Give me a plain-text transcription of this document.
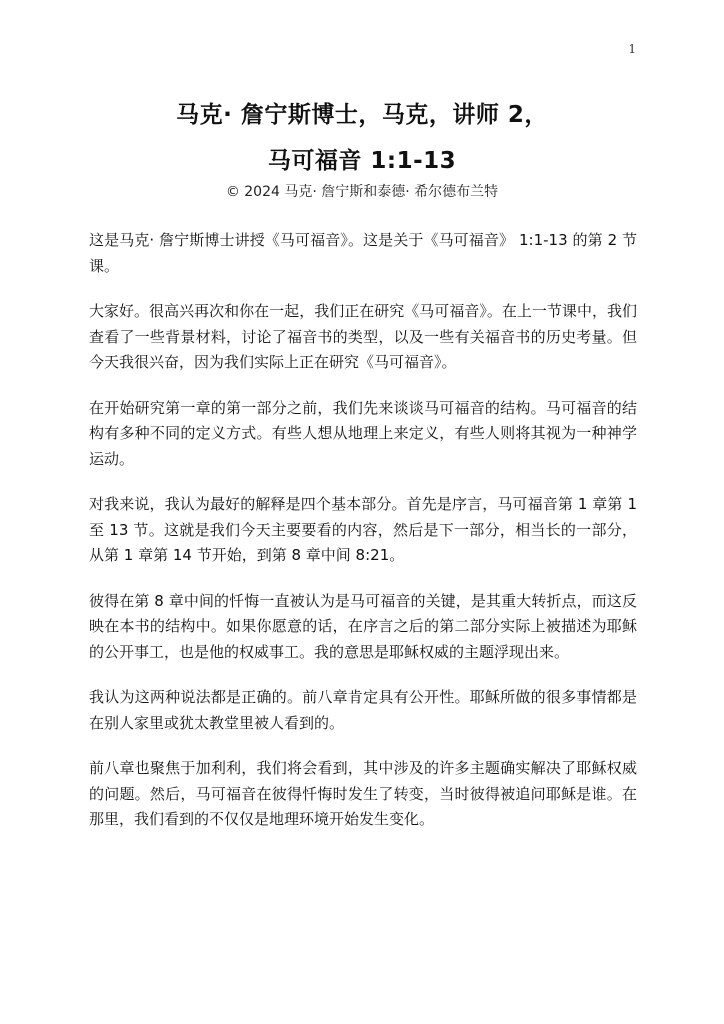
1
马克· 詹宁斯博士，马克，讲师 2，
马可福音 1:1-13
© 2024 马克· 詹宁斯和泰德· 希尔德布兰特

这是马克· 詹宁斯博士讲授《马可福音》。这是关于《马可福音》 1:1-13 的第 2 节课。

大家好。很高兴再次和你在一起，我们正在研究《马可福音》。在上一节课中，我们查看了一些背景材料，讨论了福音书的类型，以及一些有关福音书的历史考量。但今天我很兴奋，因为我们实际上正在研究《马可福音》。

在开始研究第一章的第一部分之前，我们先来谈谈马可福音的结构。马可福音的结构有多种不同的定义方式。有些人想从地理上来定义，有些人则将其视为一种神学运动。

对我来说，我认为最好的解释是四个基本部分。首先是序言，马可福音第 1 章第 1 至 13 节。这就是我们今天主要要看的内容，然后是下一部分，相当长的一部分，从第 1 章第 14 节开始，到第 8 章中间 8:21。

彼得在第 8 章中间的忏悔一直被认为是马可福音的关键，是其重大转折点，而这反映在本书的结构中。如果你愿意的话，在序言之后的第二部分实际上被描述为耶稣的公开事工，也是他的权威事工。我的意思是耶稣权威的主题浮现出来。

我认为这两种说法都是正确的。前八章肯定具有公开性。耶稣所做的很多事情都是在别人家里或犹太教堂里被人看到的。

前八章也聚焦于加利利，我们将会看到，其中涉及的许多主题确实解决了耶稣权威的问题。然后，马可福音在彼得忏悔时发生了转变，当时彼得被追问耶稣是谁。在那里，我们看到的不仅仅是地理环境开始发生变化。
